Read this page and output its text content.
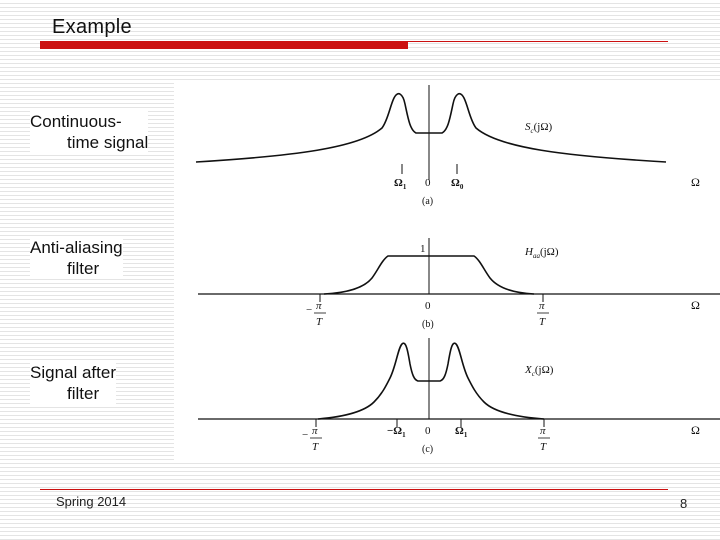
Example
Continuous-
time signal
Anti-aliasing
filter
Signal after
filter
$S_c(j\Omega)$
$\Omega_1$ 0 $\Omega_0$	Ω
(a)
1	$H_{aa}(j\Omega)$
− π
T
0	π
T
Ω
(b)
$X_c(j\Omega)$
− π
T
$-\Omega_1$ 0 $\Omega_1$	π
T
Ω
(c)
Spring 2014	8
